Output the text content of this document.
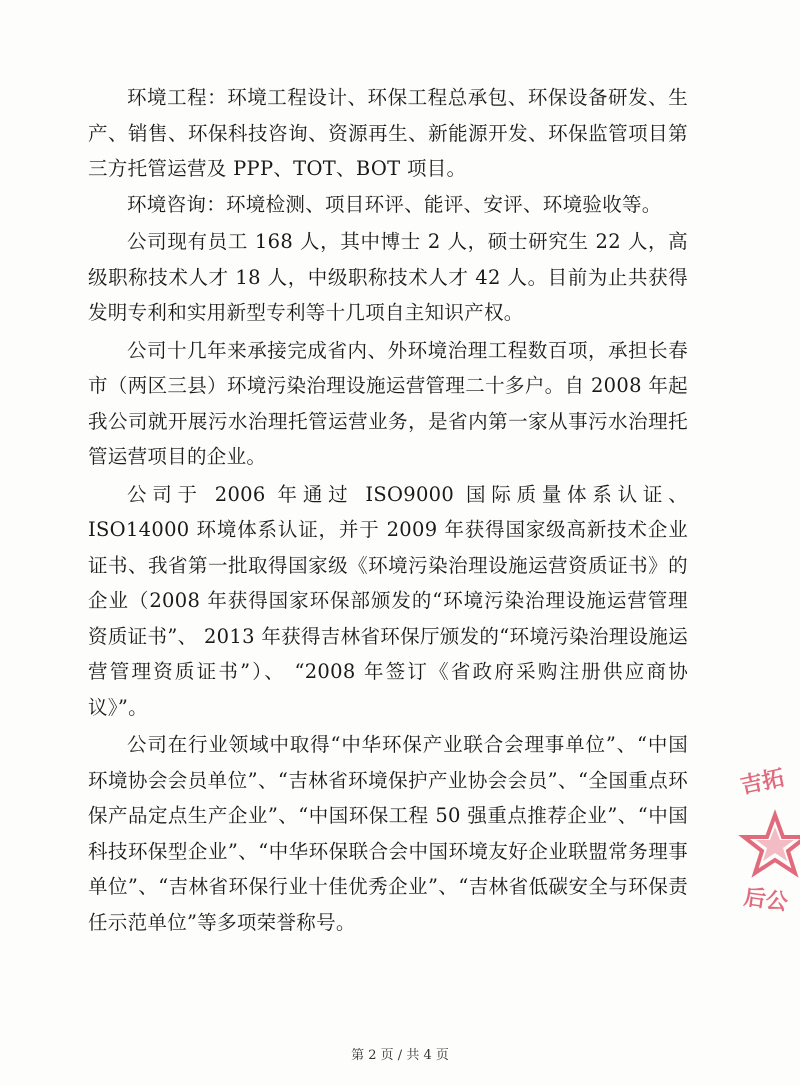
环境工程：环境工程设计、环保工程总承包、环保设备研发、生产、销售、环保科技咨询、资源再生、新能源开发、环保监管项目第三方托管运营及 PPP、TOT、BOT 项目。

环境咨询：环境检测、项目环评、能评、安评、环境验收等。

公司现有员工 168 人，其中博士 2 人，硕士研究生 22 人，高级职称技术人才 18 人，中级职称技术人才 42 人。目前为止共获得发明专利和实用新型专利等十几项自主知识产权。

公司十几年来承接完成省内、外环境治理工程数百项，承担长春市（两区三县）环境污染治理设施运营管理二十多户。自 2008 年起我公司就开展污水治理托管运营业务，是省内第一家从事污水治理托管运营项目的企业。

公司于 2006 年通过 ISO9000 国际质量体系认证、ISO14000 环境体系认证，并于 2009 年获得国家级高新技术企业证书、我省第一批取得国家级《环境污染治理设施运营资质证书》的企业（2008 年获得国家环保部颁发的“环境污染治理设施运营管理资质证书”、 2013 年获得吉林省环保厅颁发的“环境污染治理设施运营管理资质证书”）、 “2008 年签订《省政府采购注册供应商协议》”。

公司在行业领域中取得“中华环保产业联合会理事单位”、“中国环境协会会员单位”、“吉林省环境保护产业协会会员”、“全国重点环保产品定点生产企业”、“中国环保工程 50 强重点推荐企业”、“中国科技环保型企业”、“中华环保联合会中国环境友好企业联盟常务理事单位”、“吉林省环保行业十佳优秀企业”、“吉林省低碳安全与环保责任示范单位”等多项荣誉称号。

吉拓
后公
第 2 页 / 共 4 页
